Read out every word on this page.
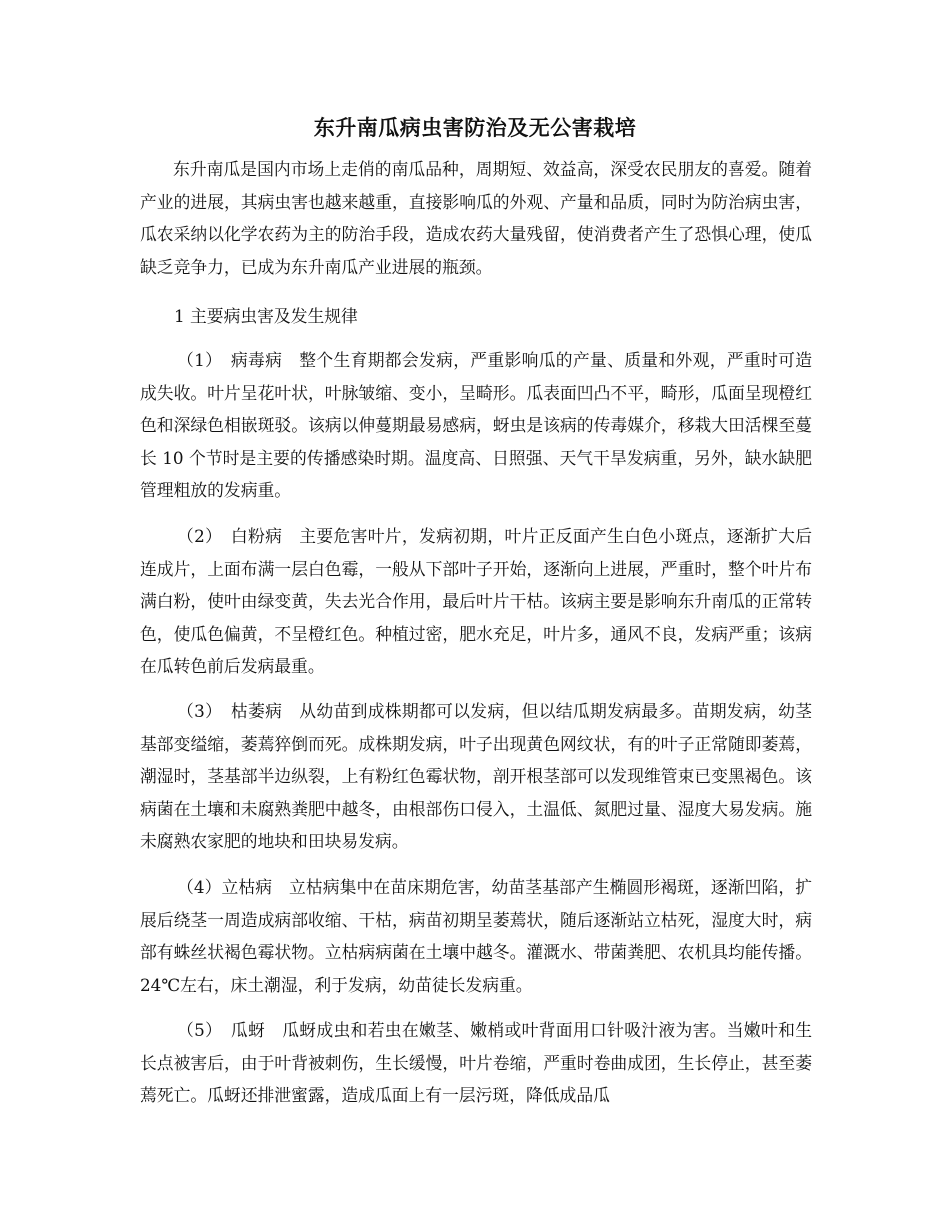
东升南瓜病虫害防治及无公害栽培

东升南瓜是国内市场上走俏的南瓜品种，周期短、效益高，深受农民朋友的喜爱。随着产业的进展，其病虫害也越来越重，直接影响瓜的外观、产量和品质，同时为防治病虫害，瓜农采纳以化学农药为主的防治手段，造成农药大量残留，使消费者产生了恐惧心理，使瓜缺乏竞争力，已成为东升南瓜产业进展的瓶颈。

1 主要病虫害及发生规律

（1）　病毒病　整个生育期都会发病，严重影响瓜的产量、质量和外观，严重时可造成失收。叶片呈花叶状，叶脉皱缩、变小，呈畸形。瓜表面凹凸不平，畸形，瓜面呈现橙红色和深绿色相嵌斑驳。该病以伸蔓期最易感病，蚜虫是该病的传毒媒介，移栽大田活棵至蔓长 10 个节时是主要的传播感染时期。温度高、日照强、天气干旱发病重，另外，缺水缺肥管理粗放的发病重。

（2）　白粉病　主要危害叶片，发病初期，叶片正反面产生白色小斑点，逐渐扩大后连成片，上面布满一层白色霉，一般从下部叶子开始，逐渐向上进展，严重时，整个叶片布满白粉，使叶由绿变黄，失去光合作用，最后叶片干枯。该病主要是影响东升南瓜的正常转色，使瓜色偏黄，不呈橙红色。种植过密，肥水充足，叶片多，通风不良，发病严重；该病在瓜转色前后发病最重。

（3）　枯萎病　从幼苗到成株期都可以发病，但以结瓜期发病最多。苗期发病，幼茎基部变缢缩，萎蔫猝倒而死。成株期发病，叶子出现黄色网纹状，有的叶子正常随即萎蔫，潮湿时，茎基部半边纵裂，上有粉红色霉状物，剖开根茎部可以发现维管束已变黑褐色。该病菌在土壤和未腐熟粪肥中越冬，由根部伤口侵入，土温低、氮肥过量、湿度大易发病。施未腐熟农家肥的地块和田块易发病。

（4）立枯病　立枯病集中在苗床期危害，幼苗茎基部产生椭圆形褐斑，逐渐凹陷，扩展后绕茎一周造成病部收缩、干枯，病苗初期呈萎蔫状，随后逐渐站立枯死，湿度大时，病部有蛛丝状褐色霉状物。立枯病病菌在土壤中越冬。灌溉水、带菌粪肥、农机具均能传播。24℃左右，床土潮湿，利于发病，幼苗徒长发病重。

（5）　瓜蚜　瓜蚜成虫和若虫在嫩茎、嫩梢或叶背面用口针吸汁液为害。当嫩叶和生长点被害后，由于叶背被刺伤，生长缓慢，叶片卷缩，严重时卷曲成团，生长停止，甚至萎蔫死亡。瓜蚜还排泄蜜露，造成瓜面上有一层污斑，降低成品瓜
